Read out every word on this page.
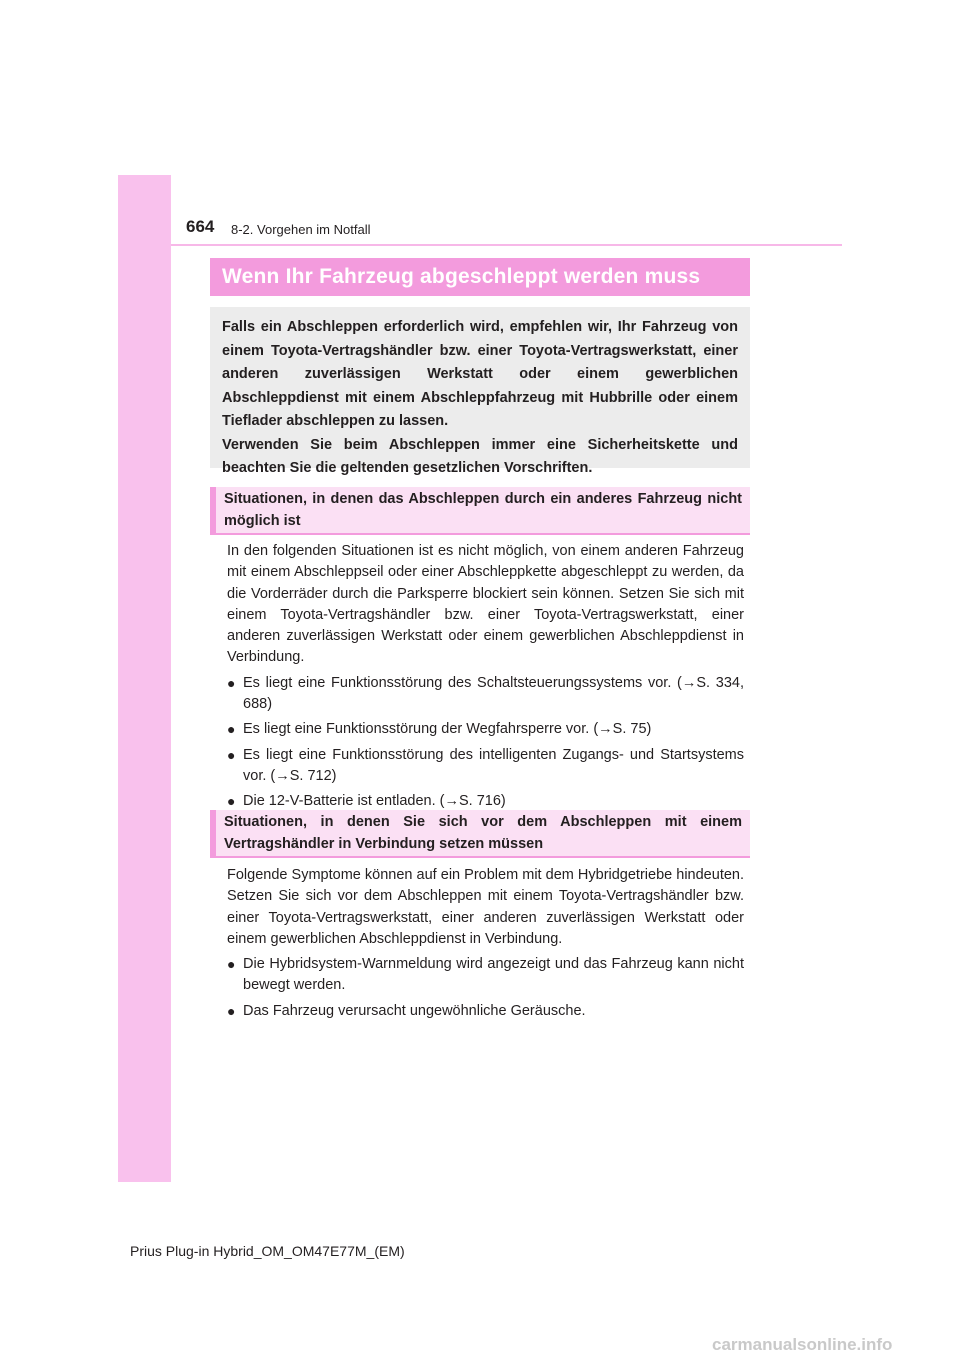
664 8-2. Vorgehen im Notfall
Wenn Ihr Fahrzeug abgeschleppt werden muss

Falls ein Abschleppen erforderlich wird, empfehlen wir, Ihr Fahrzeug von einem Toyota-Vertragshändler bzw. einer Toyota-Vertragswerkstatt, einer anderen zuverlässigen Werkstatt oder einem gewerblichen Abschleppdienst mit einem Abschleppfahrzeug mit Hubbrille oder einem Tieflader abschleppen zu lassen.

Verwenden Sie beim Abschleppen immer eine Sicherheitskette und beachten Sie die geltenden gesetzlichen Vorschriften.

Situationen, in denen das Abschleppen durch ein anderes Fahrzeug nicht möglich ist

In den folgenden Situationen ist es nicht möglich, von einem anderen Fahrzeug mit einem Abschleppseil oder einer Abschleppkette abgeschleppt zu werden, da die Vorderräder durch die Parksperre blockiert sein können. Setzen Sie sich mit einem Toyota-Vertragshändler bzw. einer Toyota-Vertragswerkstatt, einer anderen zuverlässigen Werkstatt oder einem gewerblichen Abschleppdienst in Verbindung.

● Es liegt eine Funktionsstörung des Schaltsteuerungssystems vor. (→S. 334, 688)
● Es liegt eine Funktionsstörung der Wegfahrsperre vor. (→S. 75)
● Es liegt eine Funktionsstörung des intelligenten Zugangs- und Startsystems vor. (→S. 712)
● Die 12-V-Batterie ist entladen. (→S. 716)
Situationen, in denen Sie sich vor dem Abschleppen mit einem Vertragshändler in Verbindung setzen müssen

Folgende Symptome können auf ein Problem mit dem Hybridgetriebe hindeuten. Setzen Sie sich vor dem Abschleppen mit einem Toyota-Vertragshändler bzw. einer Toyota-Vertragswerkstatt, einer anderen zuverlässigen Werkstatt oder einem gewerblichen Abschleppdienst in Verbindung.

● Die Hybridsystem-Warnmeldung wird angezeigt und das Fahrzeug kann nicht bewegt werden.
● Das Fahrzeug verursacht ungewöhnliche Geräusche.
Prius Plug-in Hybrid_OM_OM47E77M_(EM)
carmanualsonline.info
